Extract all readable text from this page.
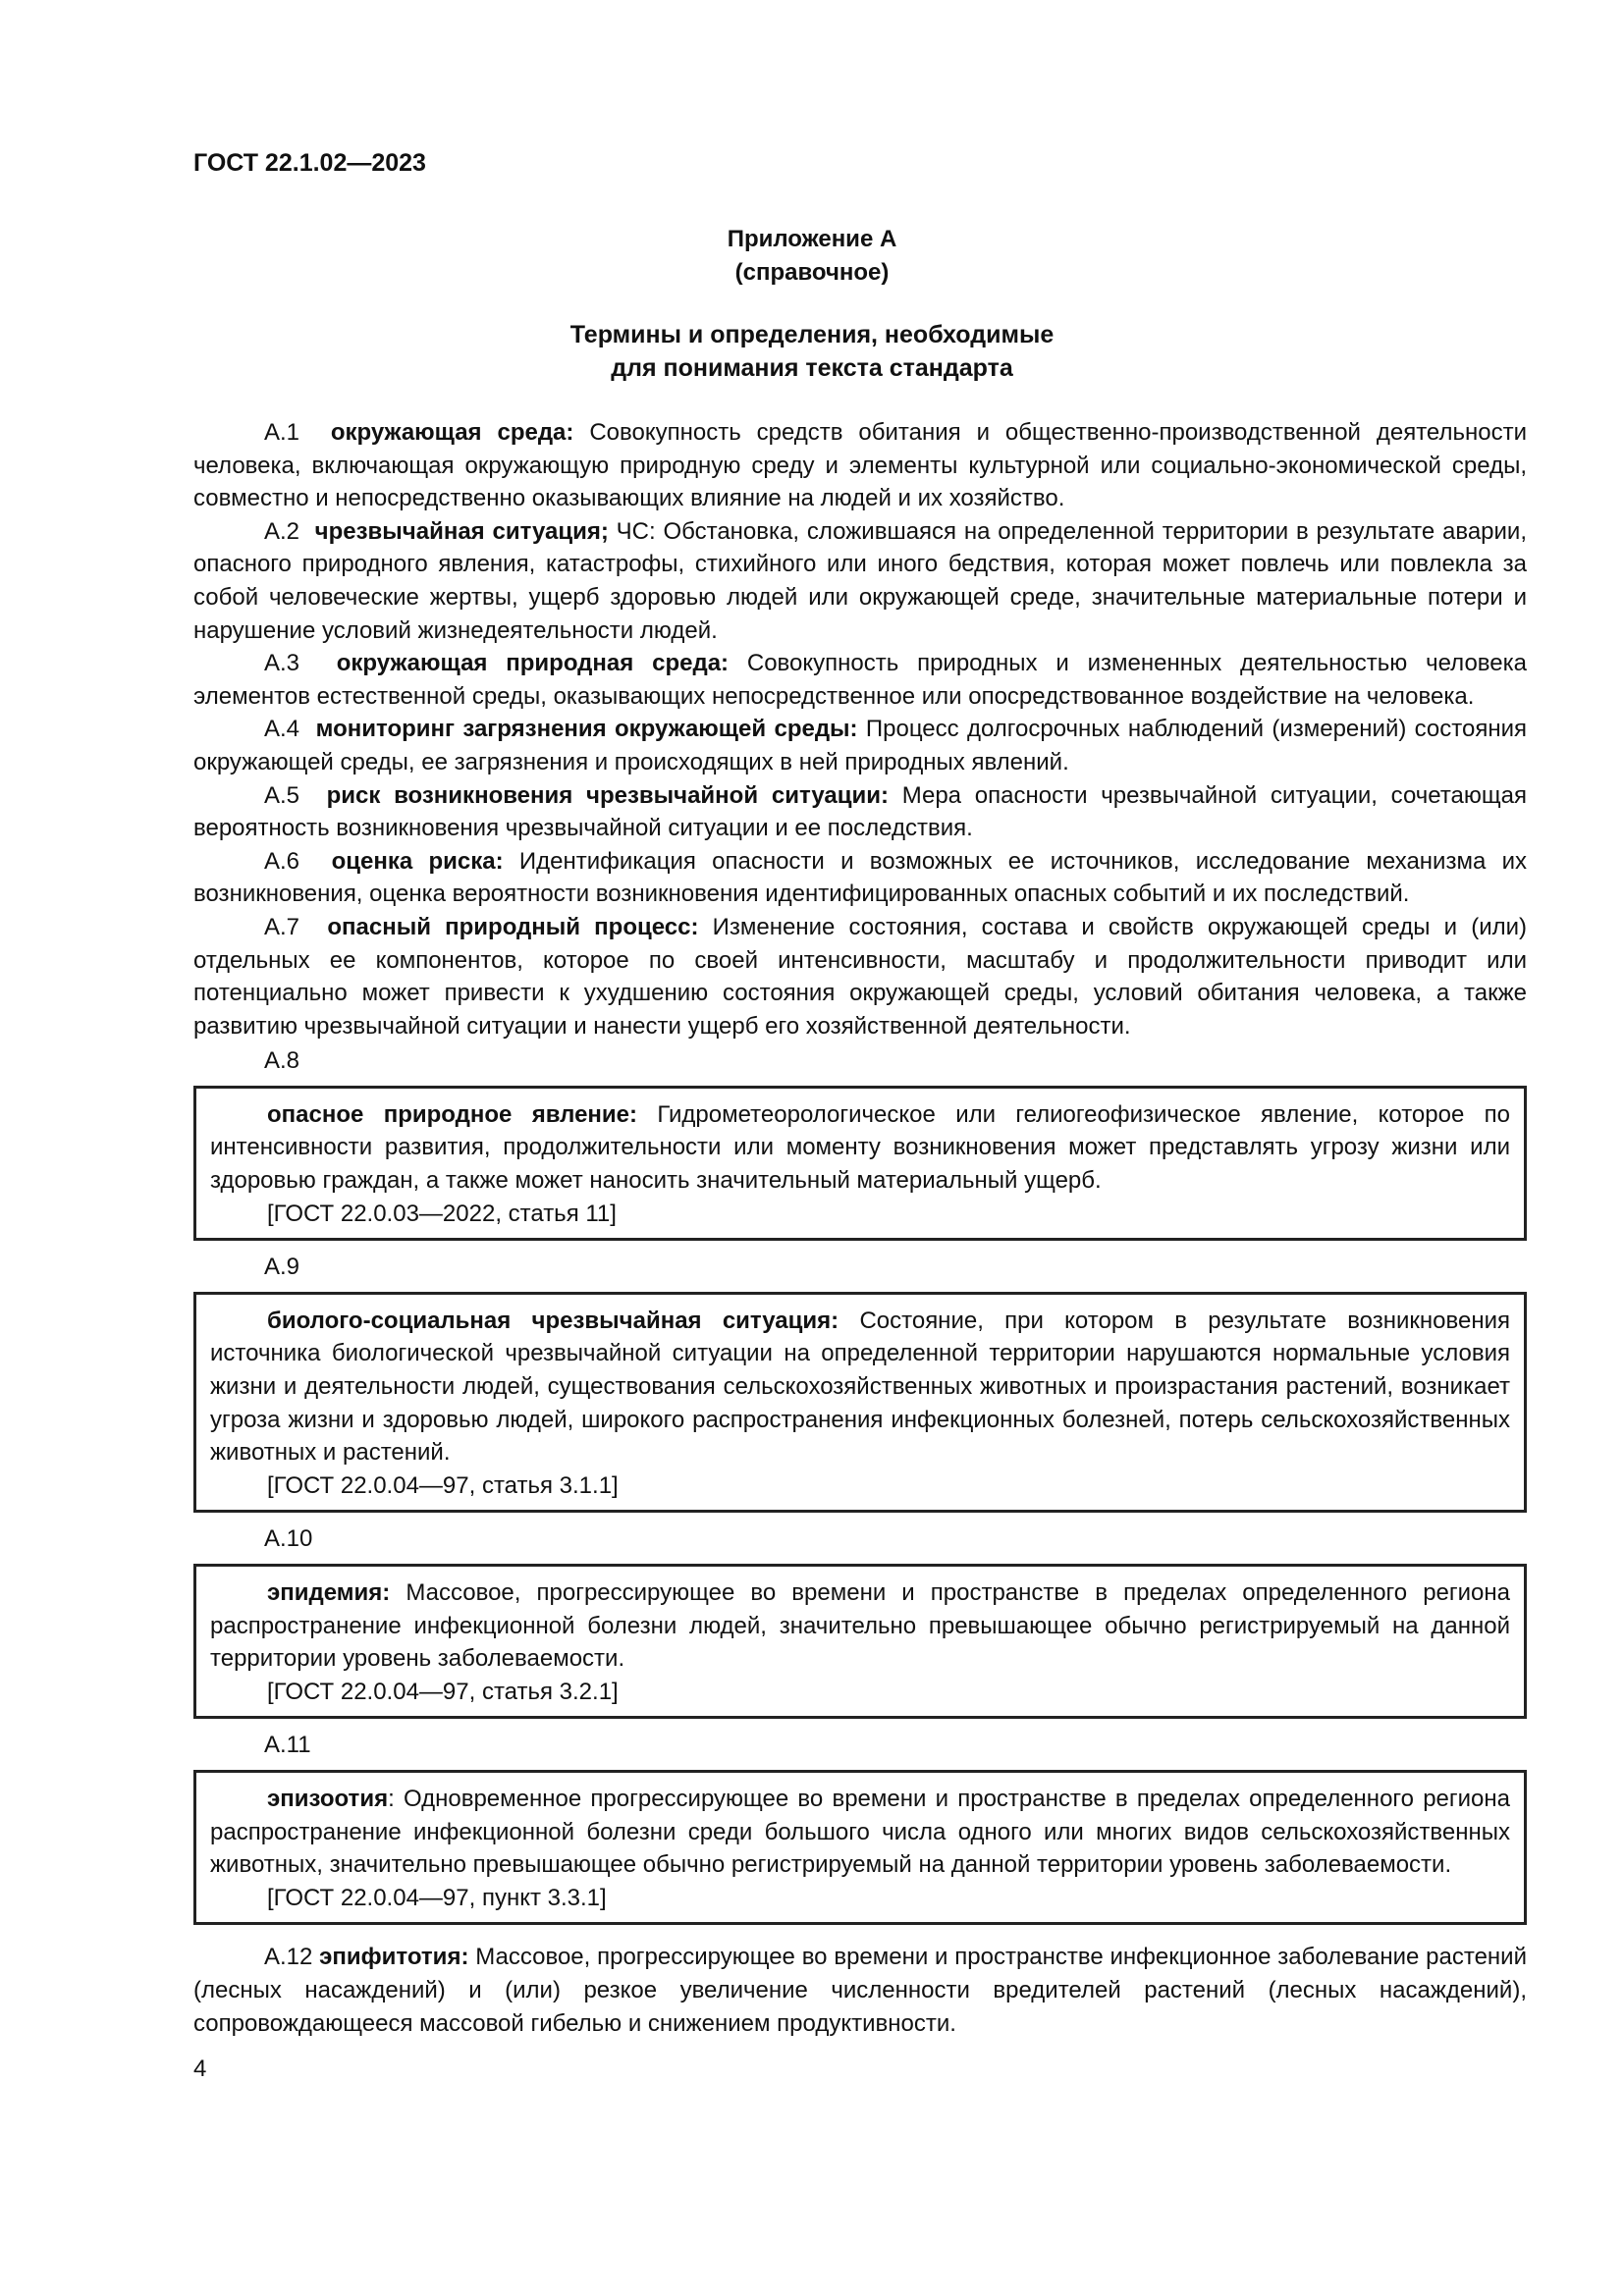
ГОСТ 22.1.02—2023
Приложение А
(справочное)
Термины и определения, необходимые
для понимания текста стандарта

А.1 окружающая среда: Совокупность средств обитания и общественно-производственной деятельности человека, включающая окружающую природную среду и элементы культурной или социально-экономической среды, совместно и непосредственно оказывающих влияние на людей и их хозяйство.

А.2 чрезвычайная ситуация; ЧС: Обстановка, сложившаяся на определенной территории в результате аварии, опасного природного явления, катастрофы, стихийного или иного бедствия, которая может повлечь или повлекла за собой человеческие жертвы, ущерб здоровью людей или окружающей среде, значительные материальные потери и нарушение условий жизнедеятельности людей.

А.3 окружающая природная среда: Совокупность природных и измененных деятельностью человека элементов естественной среды, оказывающих непосредственное или опосредствованное воздействие на человека.

А.4 мониторинг загрязнения окружающей среды: Процесс долгосрочных наблюдений (измерений) состояния окружающей среды, ее загрязнения и происходящих в ней природных явлений.

А.5 риск возникновения чрезвычайной ситуации: Мера опасности чрезвычайной ситуации, сочетающая вероятность возникновения чрезвычайной ситуации и ее последствия.

А.6 оценка риска: Идентификация опасности и возможных ее источников, исследование механизма их возникновения, оценка вероятности возникновения идентифицированных опасных событий и их последствий.

А.7 опасный природный процесс: Изменение состояния, состава и свойств окружающей среды и (или) отдельных ее компонентов, которое по своей интенсивности, масштабу и продолжительности приводит или потенциально может привести к ухудшению состояния окружающей среды, условий обитания человека, а также развитию чрезвычайной ситуации и нанести ущерб его хозяйственной деятельности.

А.8

опасное природное явление: Гидрометеорологическое или гелиогеофизическое явление, которое по интенсивности развития, продолжительности или моменту возникновения может представлять угрозу жизни или здоровью граждан, а также может наносить значительный материальный ущерб.

[ГОСТ 22.0.03—2022, статья 11]

А.9

биолого-социальная чрезвычайная ситуация: Состояние, при котором в результате возникновения источника биологической чрезвычайной ситуации на определенной территории нарушаются нормальные условия жизни и деятельности людей, существования сельскохозяйственных животных и произрастания растений, возникает угроза жизни и здоровью людей, широкого распространения инфекционных болезней, потерь сельскохозяйственных животных и растений.

[ГОСТ 22.0.04—97, статья 3.1.1]

А.10

эпидемия: Массовое, прогрессирующее во времени и пространстве в пределах определенного региона распространение инфекционной болезни людей, значительно превышающее обычно регистрируемый на данной территории уровень заболеваемости.

[ГОСТ 22.0.04—97, статья 3.2.1]

А.11

эпизоотия: Одновременное прогрессирующее во времени и пространстве в пределах определенного региона распространение инфекционной болезни среди большого числа одного или многих видов сельскохозяйственных животных, значительно превышающее обычно регистрируемый на данной территории уровень заболеваемости.

[ГОСТ 22.0.04—97, пункт 3.3.1]

А.12 эпифитотия: Массовое, прогрессирующее во времени и пространстве инфекционное заболевание растений (лесных насаждений) и (или) резкое увеличение численности вредителей растений (лесных насаждений), сопровождающееся массовой гибелью и снижением продуктивности.

4
